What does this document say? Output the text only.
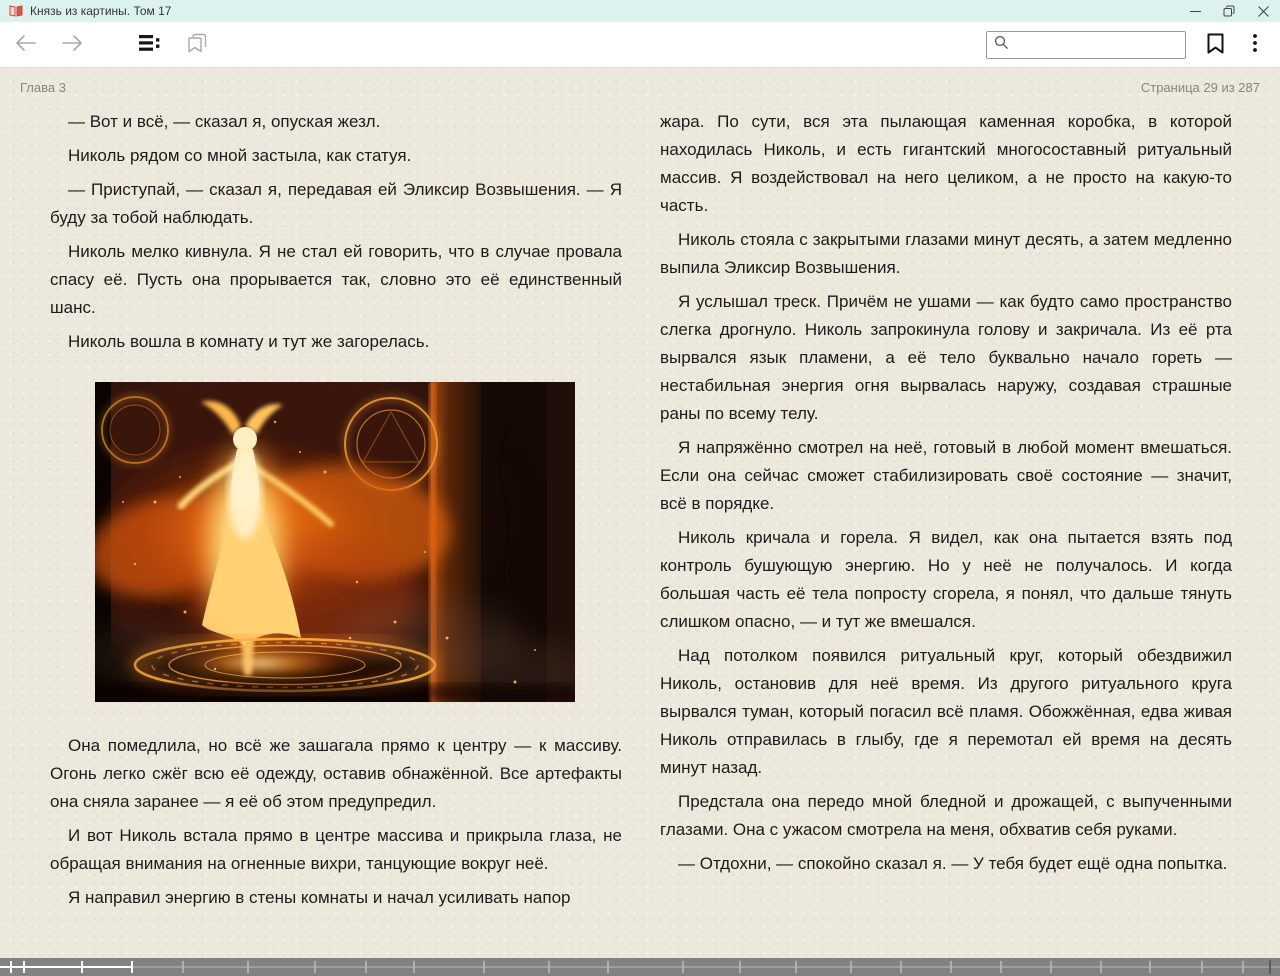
Князь из картины. Том 17
Глава 3	Страница 29 из 287

— Вот и всё, — сказал я, опуская жезл.

Николь рядом со мной застыла, как статуя.

— Приступай, — сказал я, передавая ей Эликсир Возвышения. — Я буду за тобой наблюдать.

Николь мелко кивнула. Я не стал ей говорить, что в случае провала спасу её. Пусть она прорывается так, словно это её единственный шанс.

Николь вошла в комнату и тут же загорелась.

Она помедлила, но всё же зашагала прямо к центру — к массиву. Огонь легко сжёг всю её одежду, оставив обнажённой. Все артефакты она сняла заранее — я её об этом предупредил.

И вот Николь встала прямо в центре массива и прикрыла глаза, не обращая внимания на огненные вихри, танцующие вокруг неё.

Я направил энергию в стены комнаты и начал усиливать напор

жара. По сути, вся эта пылающая каменная коробка, в которой находилась Николь, и есть гигантский многосоставный ритуальный массив. Я воздействовал на него целиком, а не просто на какую-то часть.

Николь стояла с закрытыми глазами минут десять, а затем медленно выпила Эликсир Возвышения.

Я услышал треск. Причём не ушами — как будто само пространство слегка дрогнуло. Николь запрокинула голову и закричала. Из её рта вырвался язык пламени, а её тело буквально начало гореть — нестабильная энергия огня вырвалась наружу, создавая страшные раны по всему телу.

Я напряжённо смотрел на неё, готовый в любой момент вмешаться. Если она сейчас сможет стабилизировать своё состояние — значит, всё в порядке.

Николь кричала и горела. Я видел, как она пытается взять под контроль бушующую энергию. Но у неё не получалось. И когда большая часть её тела попросту сгорела, я понял, что дальше тянуть слишком опасно, — и тут же вмешался.

Над потолком появился ритуальный круг, который обездвижил Николь, остановив для неё время. Из другого ритуального круга вырвался туман, который погасил всё пламя. Обожжённая, едва живая Николь отправилась в глыбу, где я перемотал ей время на десять минут назад.

Предстала она передо мной бледной и дрожащей, с выпученными глазами. Она с ужасом смотрела на меня, обхватив себя руками.

— Отдохни, — спокойно сказал я. — У тебя будет ещё одна попытка.
